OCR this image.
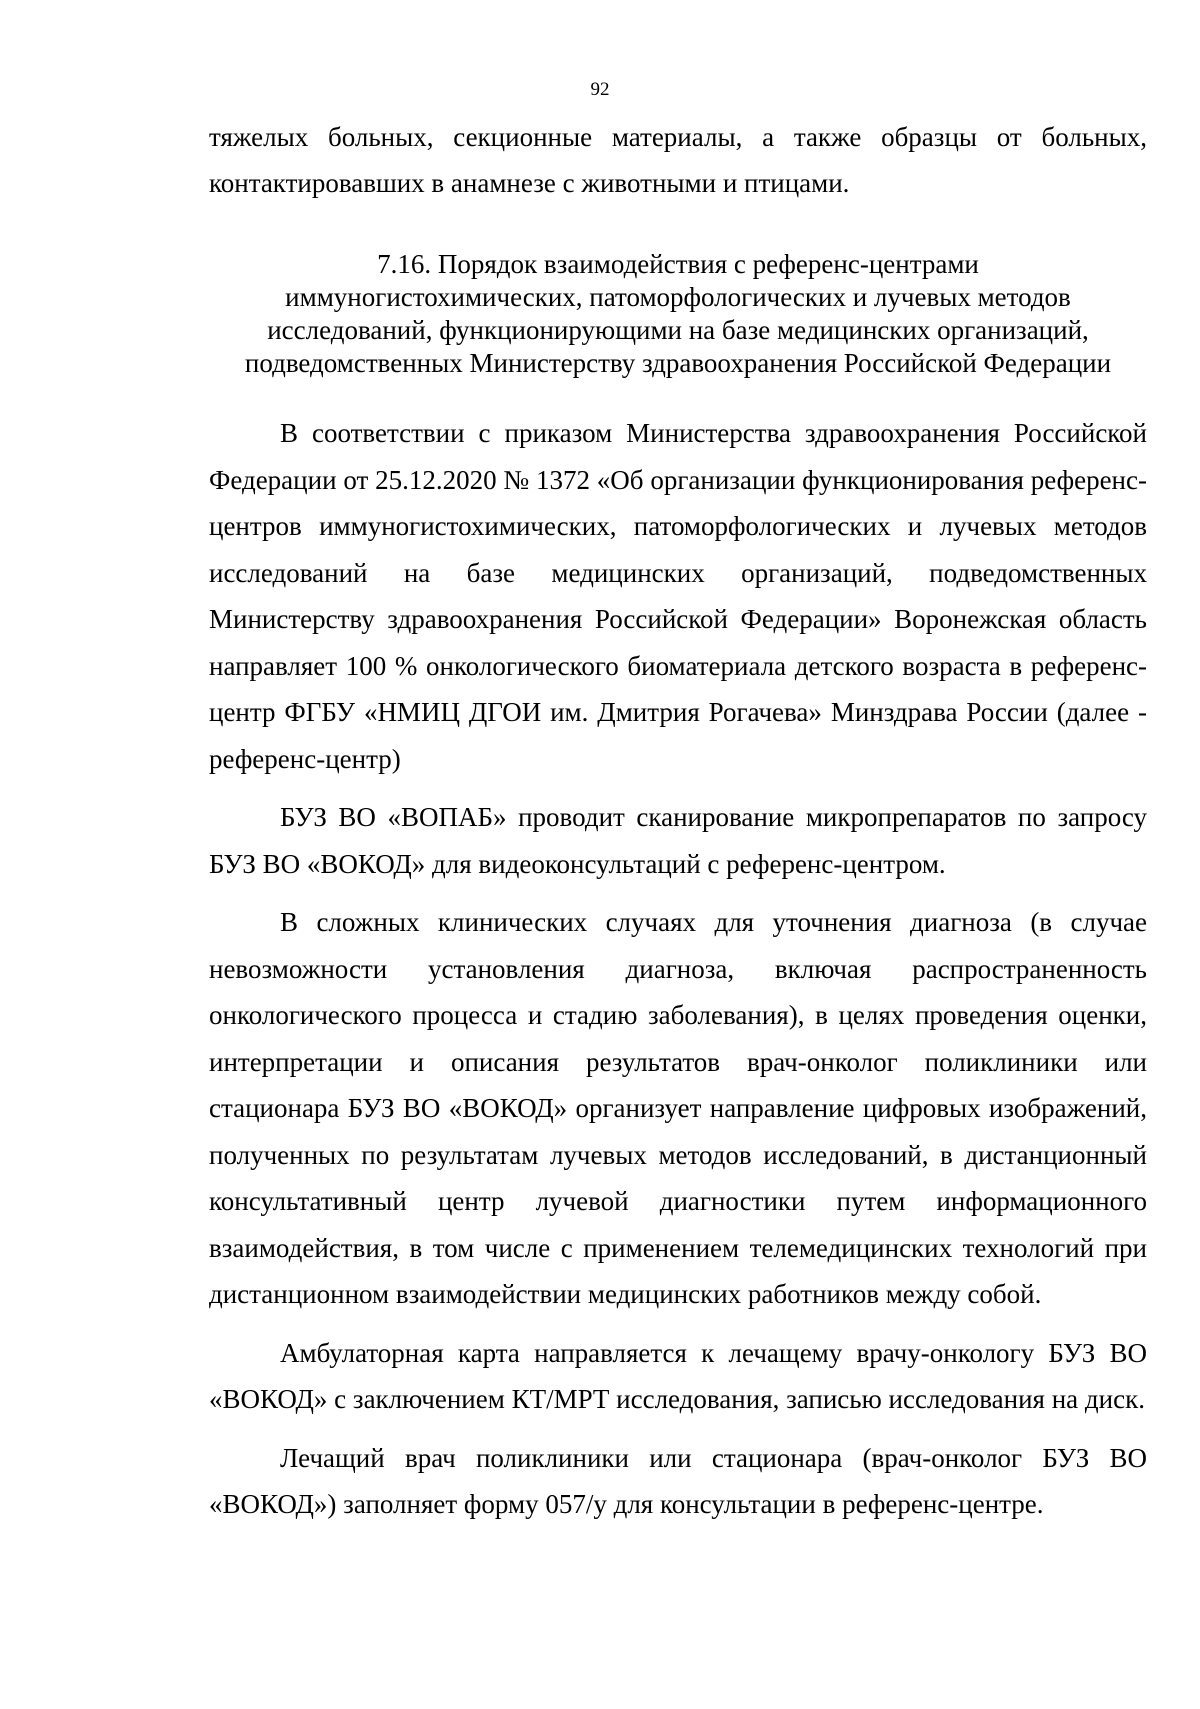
92
тяжелых больных, секционные материалы, а также образцы от больных, контактировавших в анамнезе с животными и птицами.
7.16. Порядок взаимодействия с референс-центрами
иммуногистохимических, патоморфологических и лучевых методов
исследований, функционирующими на базе медицинских организаций,
подведомственных Министерству здравоохранения Российской Федерации

В соответствии с приказом Министерства здравоохранения Российской Федерации от 25.12.2020 № 1372 «Об организации функционирования референс-центров иммуногистохимических, патоморфологических и лучевых методов исследований на базе медицинских организаций, подведомственных Министерству здравоохранения Российской Федерации» Воронежская область направляет 100 % онкологического биоматериала детского возраста в референс-центр ФГБУ «НМИЦ ДГОИ им. Дмитрия Рогачева» Минздрава России (далее - референс-центр)

БУЗ ВО «ВОПАБ» проводит сканирование микропрепаратов по запросу БУЗ ВО «ВОКОД» для видеоконсультаций с референс-центром.

В сложных клинических случаях для уточнения диагноза (в случае невозможности установления диагноза, включая распространенность онкологического процесса и стадию заболевания), в целях проведения оценки, интерпретации и описания результатов врач-онколог поликлиники или стационара БУЗ ВО «ВОКОД» организует направление цифровых изображений, полученных по результатам лучевых методов исследований, в дистанционный консультативный центр лучевой диагностики путем информационного взаимодействия, в том числе с применением телемедицинских технологий при дистанционном взаимодействии медицинских работников между собой.

Амбулаторная карта направляется к лечащему врачу-онкологу БУЗ ВО «ВОКОД» с заключением КТ/МРТ исследования, записью исследования на диск.

Лечащий врач поликлиники или стационара (врач-онколог БУЗ ВО «ВОКОД») заполняет форму 057/у для консультации в референс-центре.
